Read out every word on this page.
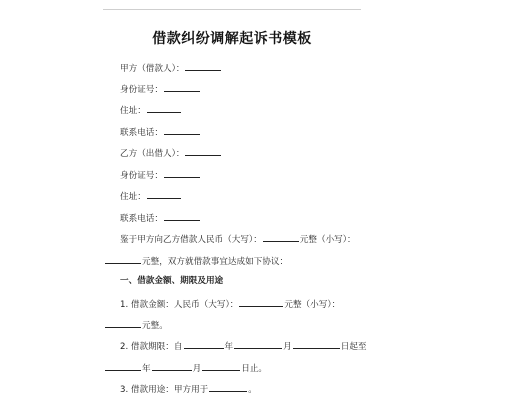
借款纠纷调解起诉书模板
甲方（借款人）：
身份证号：
住址：
联系电话：
乙方（出借人）：
身份证号：
住址：
联系电话：
鉴于甲方向乙方借款人民币（大写）：	元整（小写）：
元整，双方就借款事宜达成如下协议：
一、借款金额、期限及用途
1. 借款金额：人民币（大写）：	元整（小写）：
元整。
2. 借款期限：自	年	月	日起至
年	月	日止。
3. 借款用途：甲方用于	。
